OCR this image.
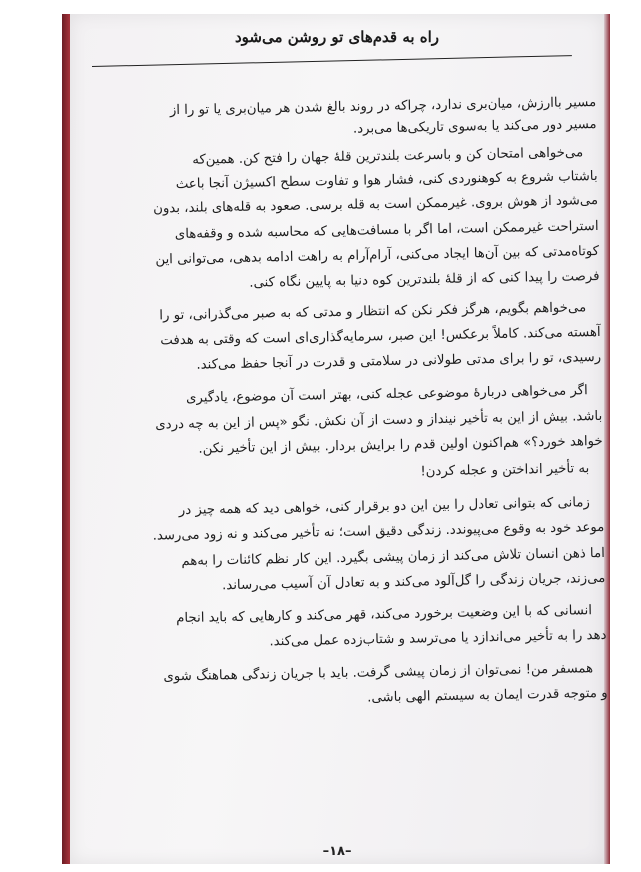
راه به قدم‌های تو روشن می‌شود
مسیر باارزش، میان‌بری ندارد، چراکه در روند بالغ شدن هر میان‌بری یا تو را از
مسیر دور می‌کند یا به‌سوی تاریکی‌ها می‌برد.
می‌خواهی امتحان کن و باسرعت بلندترین قلهٔ جهان را فتح کن. همین‌که
باشتاب شروع به کوهنوردی کنی، فشار هوا و تفاوت سطح اکسیژن آنجا باعث
می‌شود از هوش بروی. غیرممکن است به قله برسی. صعود به قله‌های بلند، بدون
استراحت غیرممکن است، اما اگر با مسافت‌هایی که محاسبه شده و وقفه‌های
کوتاه‌مدتی که بین آن‌ها ایجاد می‌کنی، آرام‌آرام به راهت ادامه بدهی، می‌توانی این
فرصت را پیدا کنی که از قلهٔ بلندترین کوه دنیا به پایین نگاه کنی.
می‌خواهم بگویم، هرگز فکر نکن که انتظار و مدتی که به صبر می‌گذرانی، تو را
آهسته می‌کند. کاملاً برعکس! این صبر، سرمایه‌گذاری‌ای است که وقتی به هدفت
رسیدی، تو را برای مدتی طولانی در سلامتی و قدرت در آنجا حفظ می‌کند.
اگر می‌خواهی دربارهٔ موضوعی عجله کنی، بهتر است آن موضوع، یادگیری
باشد. بیش از این به تأخیر نینداز و دست از آن نکش. نگو «پس از این به چه دردی
خواهد خورد؟» هم‌اکنون اولین قدم را برایش بردار. بیش از این تأخیر نکن.
به تأخیر انداختن و عجله کردن!
زمانی که بتوانی تعادل را بین این دو برقرار کنی، خواهی دید که همه چیز در
موعد خود به وقوع می‌پیوندد. زندگی دقیق است؛ نه تأخیر می‌کند و نه زود می‌رسد.
اما ذهن انسان تلاش می‌کند از زمان پیشی بگیرد. این کار نظم کائنات را به‌هم
می‌زند، جریان زندگی را گل‌آلود می‌کند و به تعادل آن آسیب می‌رساند.
انسانی که با این وضعیت برخورد می‌کند، قهر می‌کند و کارهایی که باید انجام
دهد را به تأخیر می‌اندازد یا می‌ترسد و شتاب‌زده عمل می‌کند.
همسفر من! نمی‌توان از زمان پیشی گرفت. باید با جریان زندگی هماهنگ شوی
و متوجه قدرت ایمان به سیستم الهی باشی.
–۱۸–
